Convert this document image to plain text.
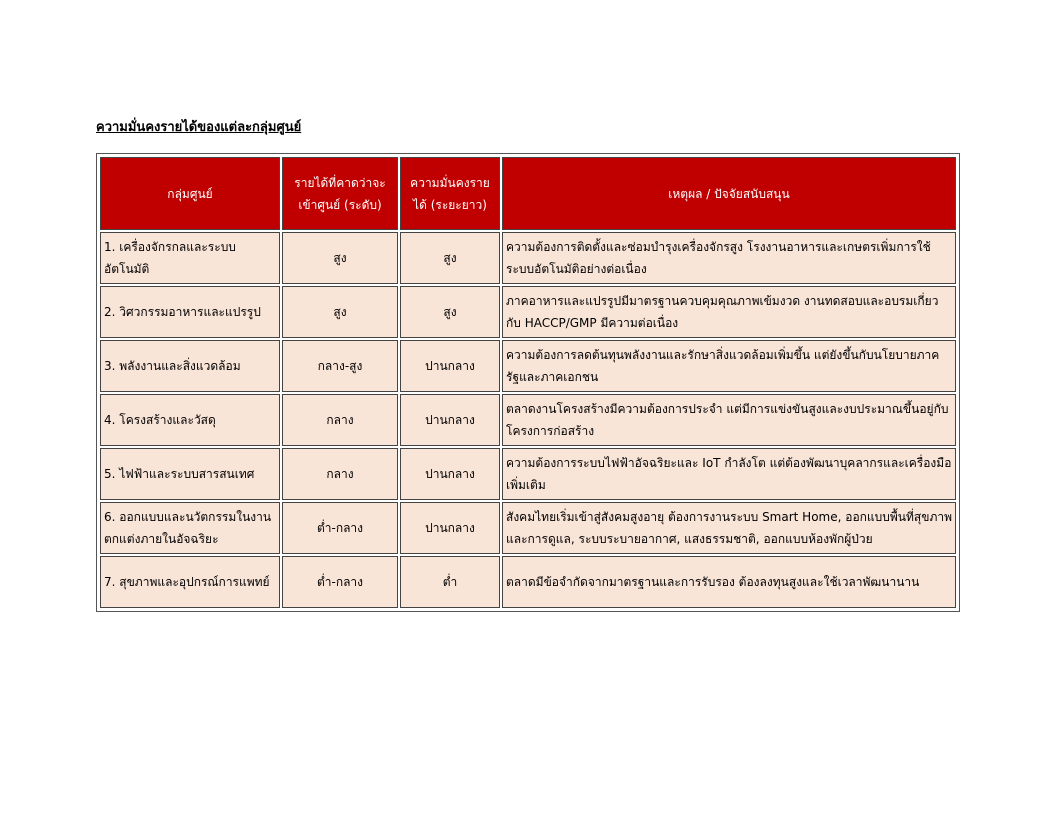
ความมั่นคงรายได้ของแต่ละกลุ่มศูนย์
กลุ่มศูนย์	รายได้ที่คาดว่าจะเข้าศูนย์ (ระดับ)	ความมั่นคงรายได้ (ระยะยาว)	เหตุผล / ปัจจัยสนับสนุน
1. เครื่องจักรกลและระบบอัตโนมัติ	สูง	สูง	ความต้องการติดตั้งและซ่อมบำรุงเครื่องจักรสูง โรงงานอาหารและเกษตรเพิ่มการใช้ระบบอัตโนมัติอย่างต่อเนื่อง
2. วิศวกรรมอาหารและแปรรูป	สูง	สูง	ภาคอาหารและแปรรูปมีมาตรฐานควบคุมคุณภาพเข้มงวด งานทดสอบและอบรมเกี่ยวกับ HACCP/GMP มีความต่อเนื่อง
3. พลังงานและสิ่งแวดล้อม	กลาง-สูง	ปานกลาง	ความต้องการลดต้นทุนพลังงานและรักษาสิ่งแวดล้อมเพิ่มขึ้น แต่ยังขึ้นกับนโยบายภาครัฐและภาคเอกชน
4. โครงสร้างและวัสดุ	กลาง	ปานกลาง	ตลาดงานโครงสร้างมีความต้องการประจำ แต่มีการแข่งขันสูงและงบประมาณขึ้นอยู่กับโครงการก่อสร้าง
5. ไฟฟ้าและระบบสารสนเทศ	กลาง	ปานกลาง	ความต้องการระบบไฟฟ้าอัจฉริยะและ IoT กำลังโต แต่ต้องพัฒนาบุคลากรและเครื่องมือเพิ่มเติม
6. ออกแบบและนวัตกรรมในงานตกแต่งภายในอัจฉริยะ	ต่ำ-กลาง	ปานกลาง	สังคมไทยเริ่มเข้าสู่สังคมสูงอายุ ต้องการงานระบบ Smart Home, ออกแบบพื้นที่สุขภาพและการดูแล, ระบบระบายอากาศ, แสงธรรมชาติ, ออกแบบห้องพักผู้ป่วย
7. สุขภาพและอุปกรณ์การแพทย์	ต่ำ-กลาง	ต่ำ	ตลาดมีข้อจำกัดจากมาตรฐานและการรับรอง ต้องลงทุนสูงและใช้เวลาพัฒนานาน
